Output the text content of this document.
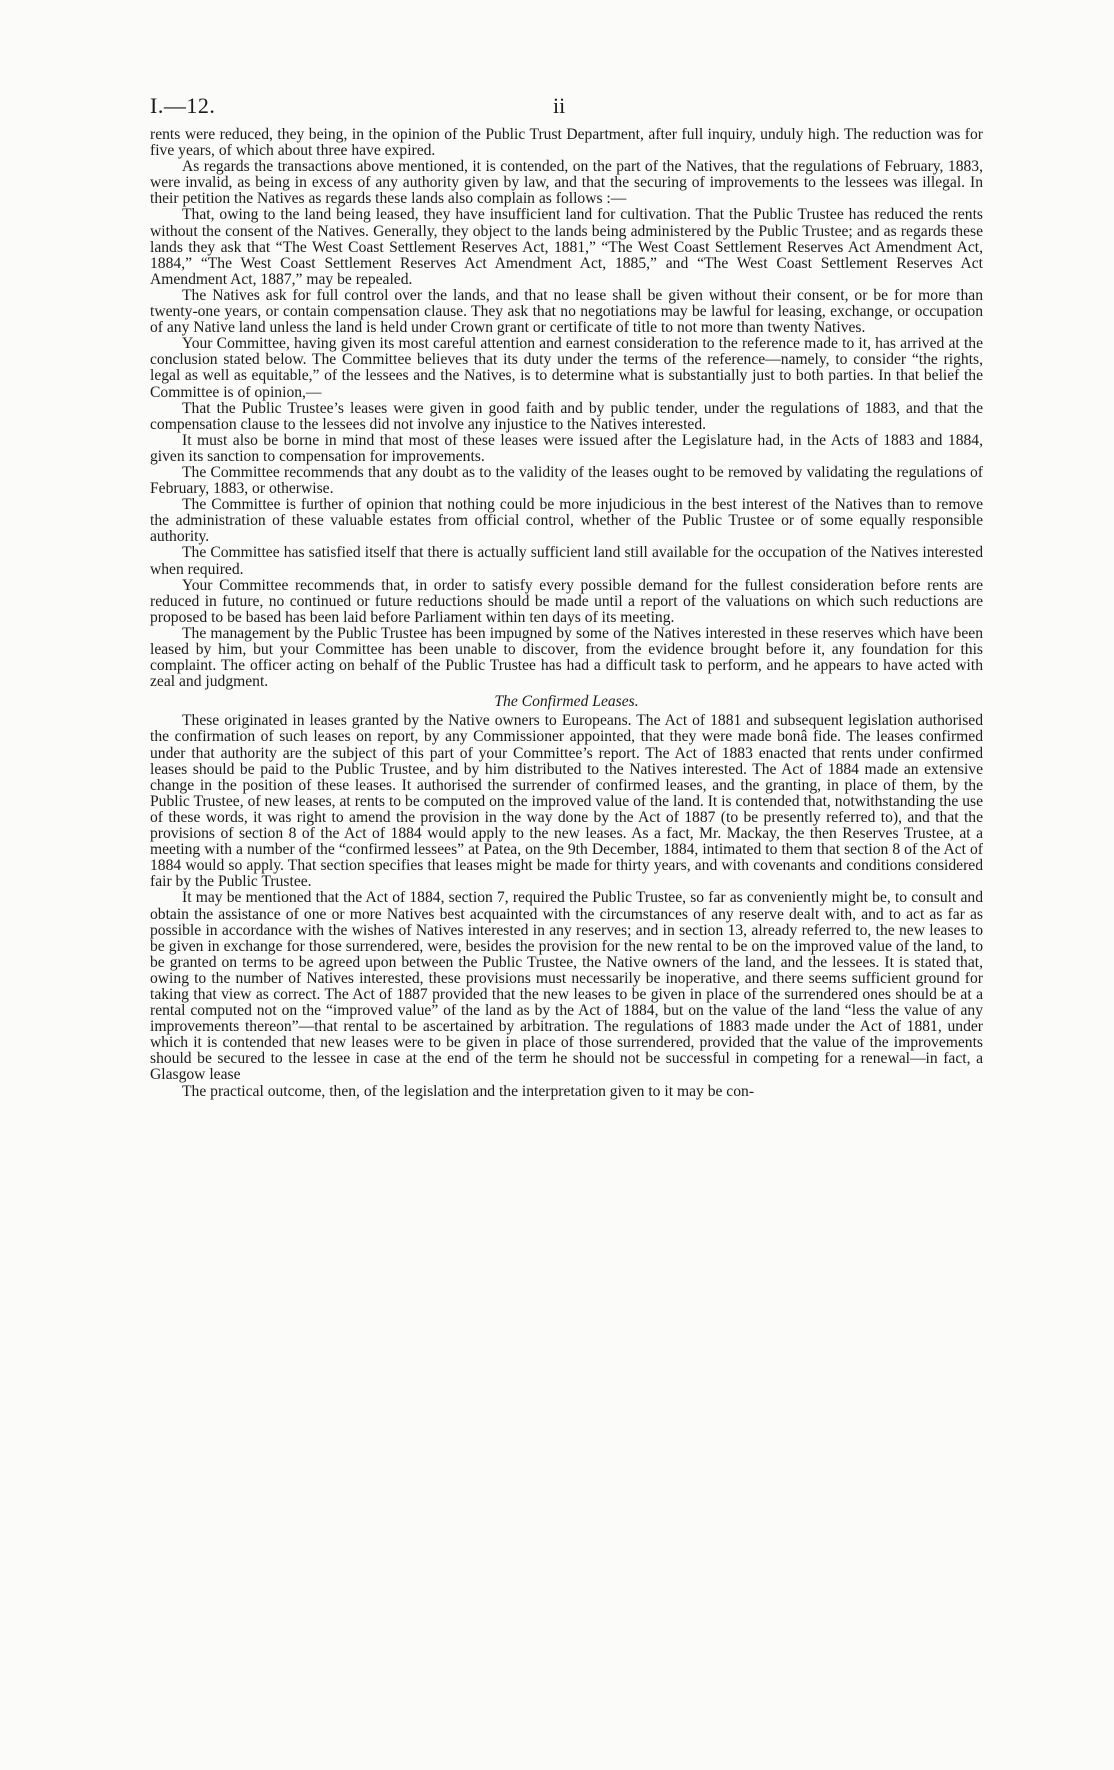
I.—12.	ii

rents were reduced, they being, in the opinion of the Public Trust Department, after full inquiry, unduly high. The reduction was for five years, of which about three have expired.

As regards the transactions above mentioned, it is contended, on the part of the Natives, that the regulations of February, 1883, were invalid, as being in excess of any authority given by law, and that the securing of improvements to the lessees was illegal. In their petition the Natives as regards these lands also complain as follows :—

That, owing to the land being leased, they have insufficient land for cultivation. That the Public Trustee has reduced the rents without the consent of the Natives. Generally, they object to the lands being administered by the Public Trustee; and as regards these lands they ask that “The West Coast Settlement Reserves Act, 1881,” “The West Coast Settlement Reserves Act Amendment Act, 1884,” “The West Coast Settlement Reserves Act Amendment Act, 1885,” and “The West Coast Settlement Reserves Act Amendment Act, 1887,” may be repealed.

The Natives ask for full control over the lands, and that no lease shall be given without their consent, or be for more than twenty-one years, or contain compensation clause. They ask that no negotiations may be lawful for leasing, exchange, or occupation of any Native land unless the land is held under Crown grant or certificate of title to not more than twenty Natives.

Your Committee, having given its most careful attention and earnest consideration to the reference made to it, has arrived at the conclusion stated below. The Committee believes that its duty under the terms of the reference—namely, to consider “the rights, legal as well as equitable,” of the lessees and the Natives, is to determine what is substantially just to both parties. In that belief the Committee is of opinion,—

That the Public Trustee’s leases were given in good faith and by public tender, under the regulations of 1883, and that the compensation clause to the lessees did not involve any injustice to the Natives interested.

It must also be borne in mind that most of these leases were issued after the Legislature had, in the Acts of 1883 and 1884, given its sanction to compensation for improvements.

The Committee recommends that any doubt as to the validity of the leases ought to be removed by validating the regulations of February, 1883, or otherwise.

The Committee is further of opinion that nothing could be more injudicious in the best interest of the Natives than to remove the administration of these valuable estates from official control, whether of the Public Trustee or of some equally responsible authority.

The Committee has satisfied itself that there is actually sufficient land still available for the occupation of the Natives interested when required.

Your Committee recommends that, in order to satisfy every possible demand for the fullest consideration before rents are reduced in future, no continued or future reductions should be made until a report of the valuations on which such reductions are proposed to be based has been laid before Parliament within ten days of its meeting.

The management by the Public Trustee has been impugned by some of the Natives interested in these reserves which have been leased by him, but your Committee has been unable to discover, from the evidence brought before it, any foundation for this complaint. The officer acting on behalf of the Public Trustee has had a difficult task to perform, and he appears to have acted with zeal and judgment.

The Confirmed Leases.

These originated in leases granted by the Native owners to Europeans. The Act of 1881 and subsequent legislation authorised the confirmation of such leases on report, by any Commissioner appointed, that they were made bonâ fide. The leases confirmed under that authority are the subject of this part of your Committee’s report. The Act of 1883 enacted that rents under confirmed leases should be paid to the Public Trustee, and by him distributed to the Natives interested. The Act of 1884 made an extensive change in the position of these leases. It authorised the surrender of confirmed leases, and the granting, in place of them, by the Public Trustee, of new leases, at rents to be computed on the improved value of the land. It is contended that, notwithstanding the use of these words, it was right to amend the provision in the way done by the Act of 1887 (to be presently referred to), and that the provisions of section 8 of the Act of 1884 would apply to the new leases. As a fact, Mr. Mackay, the then Reserves Trustee, at a meeting with a number of the “confirmed lessees” at Patea, on the 9th December, 1884, intimated to them that section 8 of the Act of 1884 would so apply. That section specifies that leases might be made for thirty years, and with covenants and conditions considered fair by the Public Trustee.

It may be mentioned that the Act of 1884, section 7, required the Public Trustee, so far as conveniently might be, to consult and obtain the assistance of one or more Natives best acquainted with the circumstances of any reserve dealt with, and to act as far as possible in accordance with the wishes of Natives interested in any reserves; and in section 13, already referred to, the new leases to be given in exchange for those surrendered, were, besides the provision for the new rental to be on the improved value of the land, to be granted on terms to be agreed upon between the Public Trustee, the Native owners of the land, and the lessees. It is stated that, owing to the number of Natives interested, these provisions must necessarily be inoperative, and there seems sufficient ground for taking that view as correct. The Act of 1887 provided that the new leases to be given in place of the surrendered ones should be at a rental computed not on the “improved value” of the land as by the Act of 1884, but on the value of the land “less the value of any improvements thereon”—that rental to be ascertained by arbitration. The regulations of 1883 made under the Act of 1881, under which it is contended that new leases were to be given in place of those surrendered, provided that the value of the improvements should be secured to the lessee in case at the end of the term he should not be successful in competing for a renewal—in fact, a Glasgow lease

The practical outcome, then, of the legislation and the interpretation given to it may be con-
